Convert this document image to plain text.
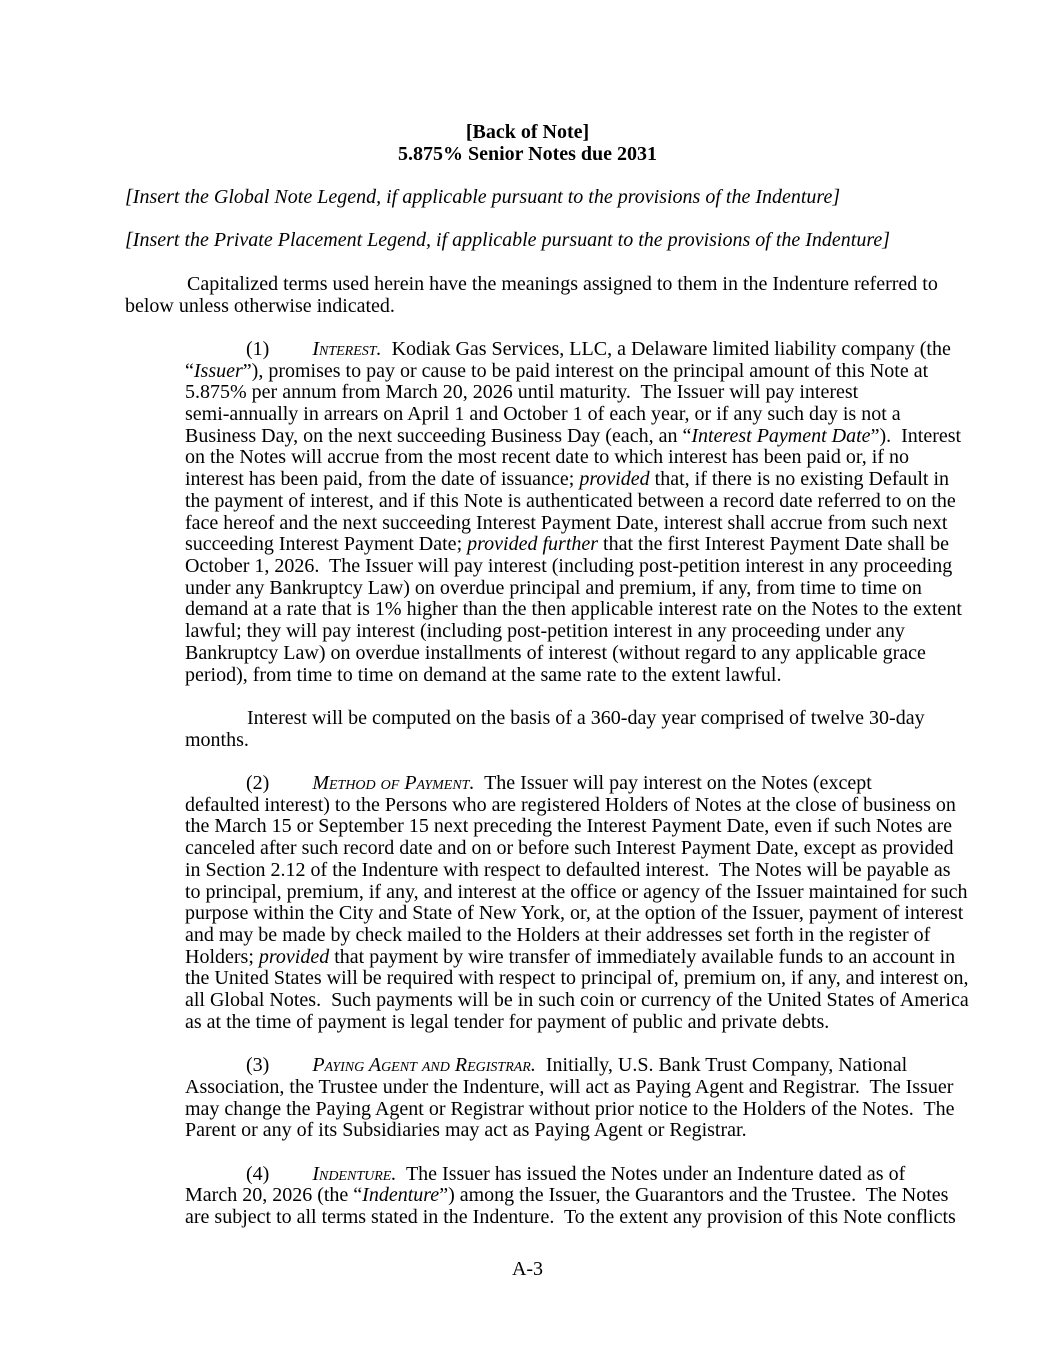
[Back of Note]
5.875% Senior Notes due 2031
[Insert the Global Note Legend, if applicable pursuant to the provisions of the Indenture]
[Insert the Private Placement Legend, if applicable pursuant to the provisions of the Indenture]
Capitalized terms used herein have the meanings assigned to them in the Indenture referred to
below unless otherwise indicated.
(1) Interest.  Kodiak Gas Services, LLC, a Delaware limited liability company (the
“Issuer”), promises to pay or cause to be paid interest on the principal amount of this Note at
5.875% per annum from March 20, 2026 until maturity.  The Issuer will pay interest
semi-annually in arrears on April 1 and October 1 of each year, or if any such day is not a
Business Day, on the next succeeding Business Day (each, an “Interest Payment Date”).  Interest
on the Notes will accrue from the most recent date to which interest has been paid or, if no
interest has been paid, from the date of issuance; provided that, if there is no existing Default in
the payment of interest, and if this Note is authenticated between a record date referred to on the
face hereof and the next succeeding Interest Payment Date, interest shall accrue from such next
succeeding Interest Payment Date; provided further that the first Interest Payment Date shall be
October 1, 2026.  The Issuer will pay interest (including post-petition interest in any proceeding
under any Bankruptcy Law) on overdue principal and premium, if any, from time to time on
demand at a rate that is 1% higher than the then applicable interest rate on the Notes to the extent
lawful; they will pay interest (including post-petition interest in any proceeding under any
Bankruptcy Law) on overdue installments of interest (without regard to any applicable grace
period), from time to time on demand at the same rate to the extent lawful.
Interest will be computed on the basis of a 360-day year comprised of twelve 30-day
months.
(2) Method of Payment.  The Issuer will pay interest on the Notes (except
defaulted interest) to the Persons who are registered Holders of Notes at the close of business on
the March 15 or September 15 next preceding the Interest Payment Date, even if such Notes are
canceled after such record date and on or before such Interest Payment Date, except as provided
in Section 2.12 of the Indenture with respect to defaulted interest.  The Notes will be payable as
to principal, premium, if any, and interest at the office or agency of the Issuer maintained for such
purpose within the City and State of New York, or, at the option of the Issuer, payment of interest
and may be made by check mailed to the Holders at their addresses set forth in the register of
Holders; provided that payment by wire transfer of immediately available funds to an account in
the United States will be required with respect to principal of, premium on, if any, and interest on,
all Global Notes.  Such payments will be in such coin or currency of the United States of America
as at the time of payment is legal tender for payment of public and private debts.
(3) Paying Agent and Registrar.  Initially, U.S. Bank Trust Company, National
Association, the Trustee under the Indenture, will act as Paying Agent and Registrar.  The Issuer
may change the Paying Agent or Registrar without prior notice to the Holders of the Notes.  The
Parent or any of its Subsidiaries may act as Paying Agent or Registrar.
(4) Indenture.  The Issuer has issued the Notes under an Indenture dated as of
March 20, 2026 (the “Indenture”) among the Issuer, the Guarantors and the Trustee.  The Notes
are subject to all terms stated in the Indenture.  To the extent any provision of this Note conflicts
A-3
